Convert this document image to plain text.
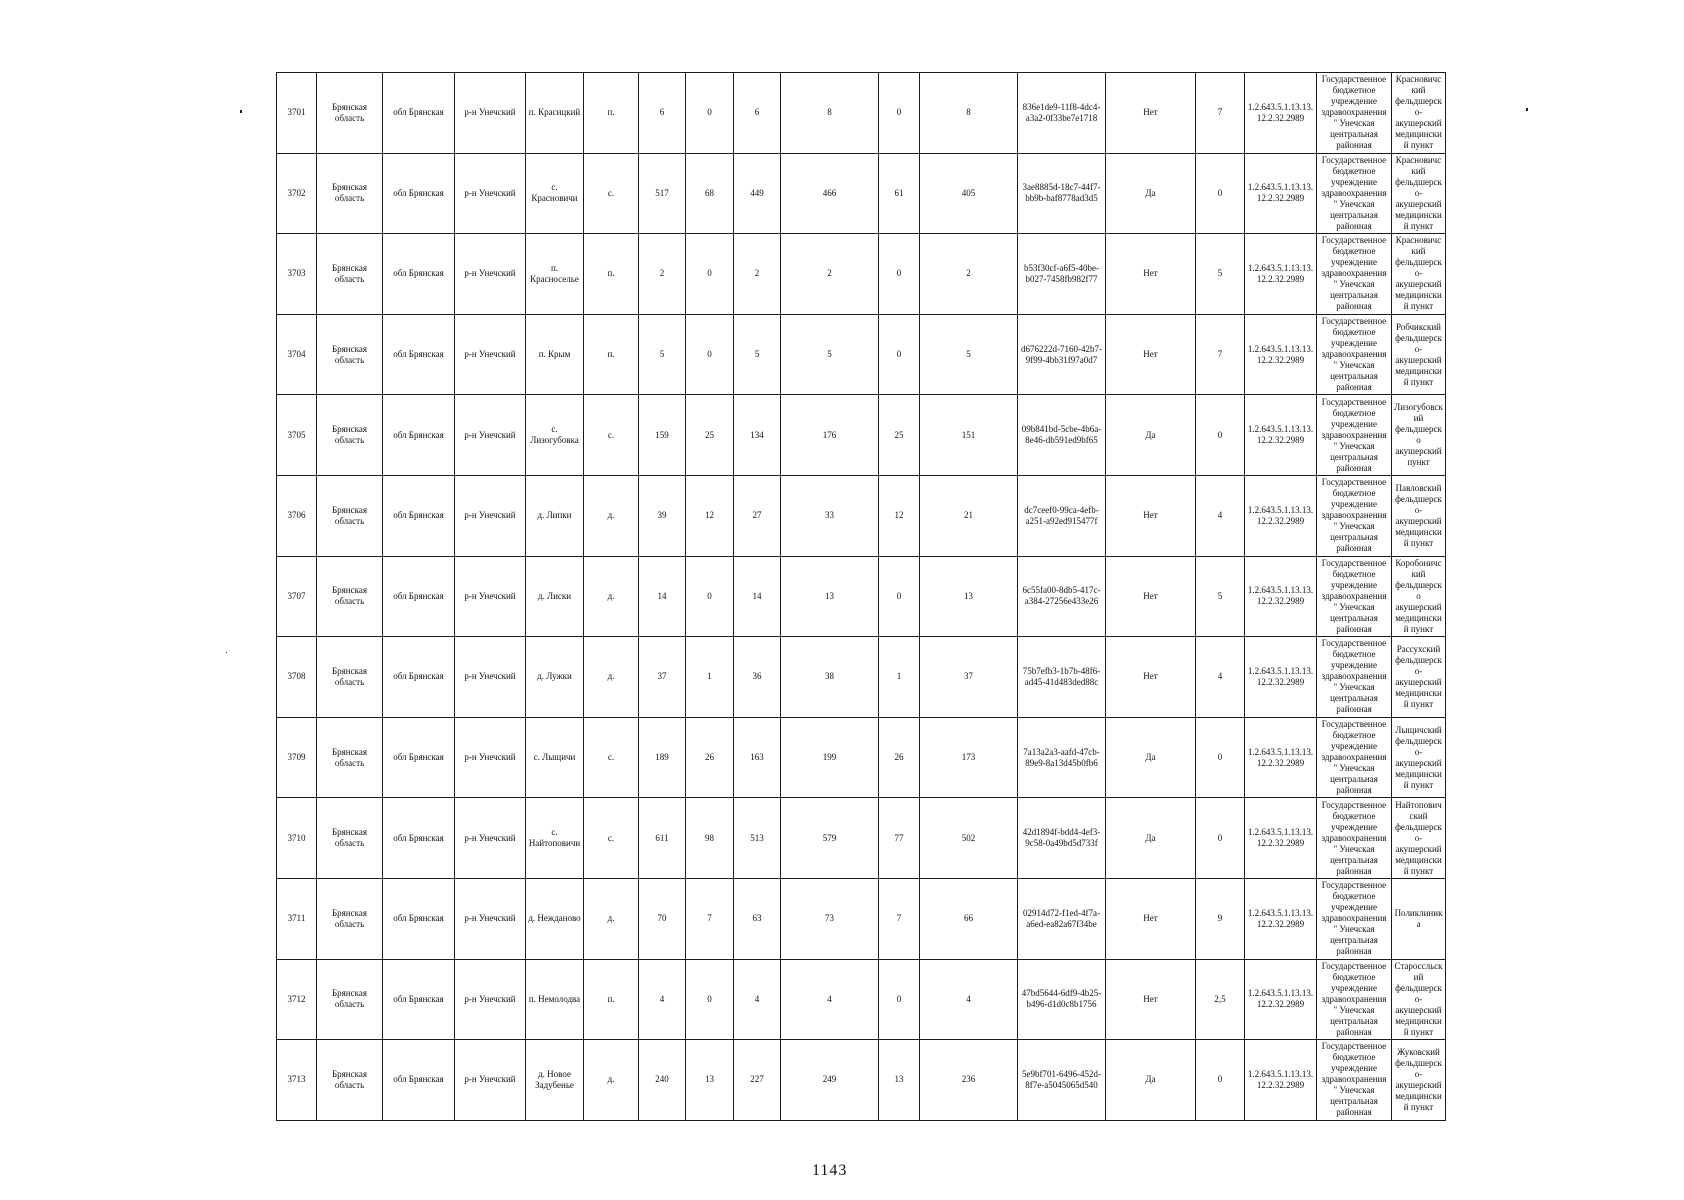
3701	Брянская область	обл Брянская	р-н Унечский	п. Красицкий	п.	6	0	6	8	0	8	836e1de9-11f8-4dc4-a3a2-0f33be7e1718	Нет	7	1.2.643.5.1.13.13.12.2.32.2989	Государственное бюджетное учреждение здравоохранения " Унечская центральная районная	Красновичский фельдшерско-акушерский медицинский пункт
3702	Брянская область	обл Брянская	р-н Унечский	с. Красновичи	с.	517	68	449	466	61	405	3ae8885d-18c7-44f7-bb9b-baf8778ad3d5	Да	0	1.2.643.5.1.13.13.12.2.32.2989	Государственное бюджетное учреждение здравоохранения " Унечская центральная районная	Красновичский фельдшерско-акушерский медицинский пункт
3703	Брянская область	обл Брянская	р-н Унечский	п. Красноселье	п.	2	0	2	2	0	2	b53f30cf-a6f5-40be-b027-7458fb982f77	Нет	5	1.2.643.5.1.13.13.12.2.32.2989	Государственное бюджетное учреждение здравоохранения " Унечская центральная районная	Красновичский фельдшерско-акушерский медицинский пункт
3704	Брянская область	обл Брянская	р-н Унечский	п. Крым	п.	5	0	5	5	0	5	d676222d-7160-42b7-9f99-4bb31f97a0d7	Нет	7	1.2.643.5.1.13.13.12.2.32.2989	Государственное бюджетное учреждение здравоохранения " Унечская центральная районная	Робчикский фельдшерско-акушерский медицинский пункт
3705	Брянская область	обл Брянская	р-н Унечский	с. Лизогубовка	с.	159	25	134	176	25	151	09b841bd-5cbe-4b6a-8e46-db591ed9bf65	Да	0	1.2.643.5.1.13.13.12.2.32.2989	Государственное бюджетное учреждение здравоохранения " Унечская центральная районная	Лизогубовский фельдшерско акушерский пункт
3706	Брянская область	обл Брянская	р-н Унечский	д. Липки	д.	39	12	27	33	12	21	dc7ceef0-99ca-4efb-a251-a92ed915477f	Нет	4	1.2.643.5.1.13.13.12.2.32.2989	Государственное бюджетное учреждение здравоохранения " Унечская центральная районная	Павловский фельдшерско-акушерский медицинский пункт
3707	Брянская область	обл Брянская	р-н Унечский	д. Лиски	д.	14	0	14	13	0	13	6c55fa00-8db5-417c-a384-27256e433e26	Нет	5	1.2.643.5.1.13.13.12.2.32.2989	Государственное бюджетное учреждение здравоохранения " Унечская центральная районная	Коробоничский фельдшерско акушерский медицинский пункт
3708	Брянская область	обл Брянская	р-н Унечский	д. Лужки	д.	37	1	36	38	1	37	75b7efb3-1b7b-48f6-ad45-41d483ded88c	Нет	4	1.2.643.5.1.13.13.12.2.32.2989	Государственное бюджетное учреждение здравоохранения " Унечская центральная районная	Рассухский фельдшерско-акушерский медицинский пункт
3709	Брянская область	обл Брянская	р-н Унечский	с. Лыщичи	с.	189	26	163	199	26	173	7a13a2a3-aafd-47cb-89e9-8a13d45b0fb6	Да	0	1.2.643.5.1.13.13.12.2.32.2989	Государственное бюджетное учреждение здравоохранения " Унечская центральная районная	Лыщичский фельдшерско-акушерский медицинский пункт
3710	Брянская область	обл Брянская	р-н Унечский	с. Найтоповичи	с.	611	98	513	579	77	502	42d1894f-bdd4-4ef3-9c58-0a49bd5d733f	Да	0	1.2.643.5.1.13.13.12.2.32.2989	Государственное бюджетное учреждение здравоохранения " Унечская центральная районная	Найтоповичский фельдшерско-акушерский медицинский пункт
3711	Брянская область	обл Брянская	р-н Унечский	д. Нежданово	д.	70	7	63	73	7	66	02914d72-f1ed-4f7a-a6ed-ea82a67f34be	Нет	9	1.2.643.5.1.13.13.12.2.32.2989	Государственное бюджетное учреждение здравоохранения " Унечская центральная районная	Поликлиника
3712	Брянская область	обл Брянская	р-н Унечский	п. Немолодва	п.	4	0	4	4	0	4	47bd5644-6df9-4b25-b496-d1d0c8b1756	Нет	2,5	1.2.643.5.1.13.13.12.2.32.2989	Государственное бюджетное учреждение здравоохранения " Унечская центральная районная	Староссльский фельдшерско-акушерский медицинский пункт
3713	Брянская область	обл Брянская	р-н Унечский	д. Новое Задубенье	д.	240	13	227	249	13	236	5e9bf701-6496-452d-8f7e-a5045065d540	Да	0	1.2.643.5.1.13.13.12.2.32.2989	Государственное бюджетное учреждение здравоохранения " Унечская центральная районная	Жуковский фельдшерско-акушерский медицинский пункт
1143
